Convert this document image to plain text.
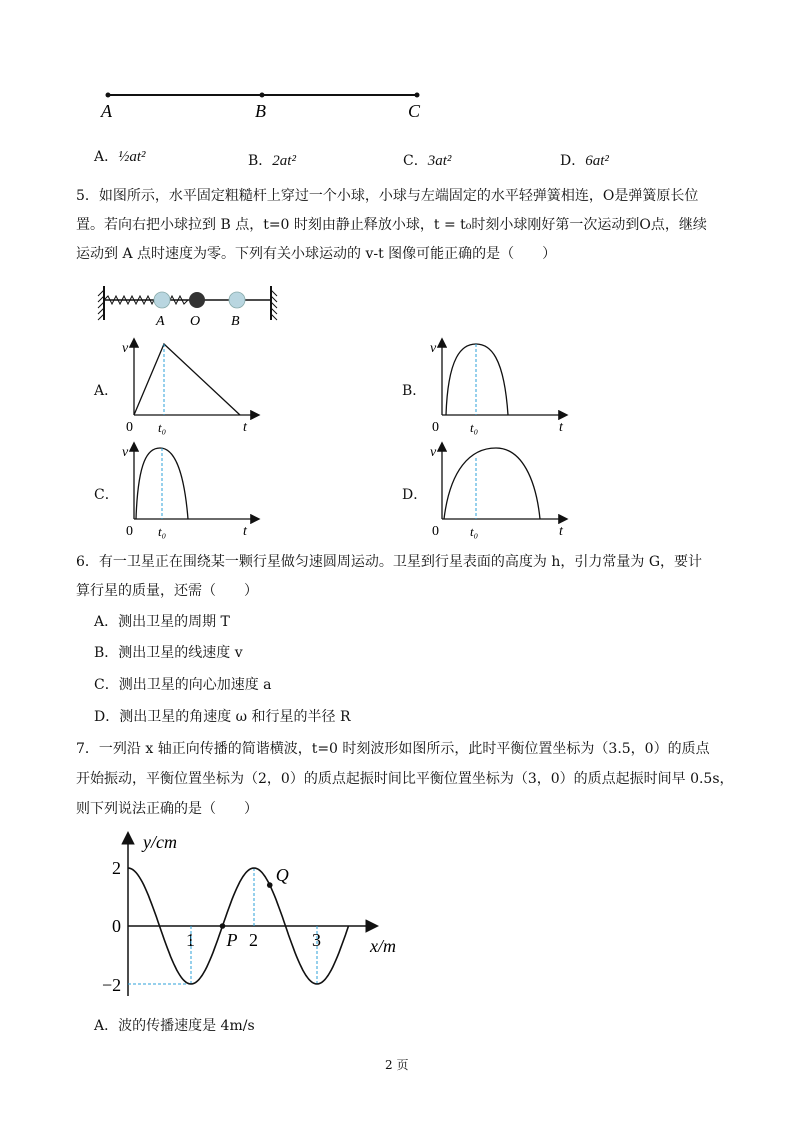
A	B	C
A．½at²	B．2at²	C．3at²	D．6at²
5．如图所示，水平固定粗糙杆上穿过一个小球，小球与左端固定的水平轻弹簧相连，O是弹簧原长位
置。若向右把小球拉到 B 点，t=0 时刻由静止释放小球，t = t₀时刻小球刚好第一次运动到O点，继续
运动到 A 点时速度为零。下列有关小球运动的 v-t 图像可能正确的是（　　）
A O B
A．	B．
C．	D．
v
t
0 t₀
v
t
0 t₀
v
t
0 t₀
v
t
0 t₀
6．有一卫星正在围绕某一颗行星做匀速圆周运动。卫星到行星表面的高度为 h，引力常量为 G，要计
算行星的质量，还需（　　）
A．测出卫星的周期 T
B．测出卫星的线速度 v
C．测出卫星的向心加速度 a
D．测出卫星的角速度 ω 和行星的半径 R
7．一列沿 x 轴正向传播的简谐横波，t=0 时刻波形如图所示，此时平衡位置坐标为（3.5，0）的质点
开始振动，平衡位置坐标为（2，0）的质点起振时间比平衡位置坐标为（3，0）的质点起振时间早 0.5s，
则下列说法正确的是（　　）
y/cm
x/m
2
0
−2
1	2	3
P
Q
A．波的传播速度是 4m/s
2 页
